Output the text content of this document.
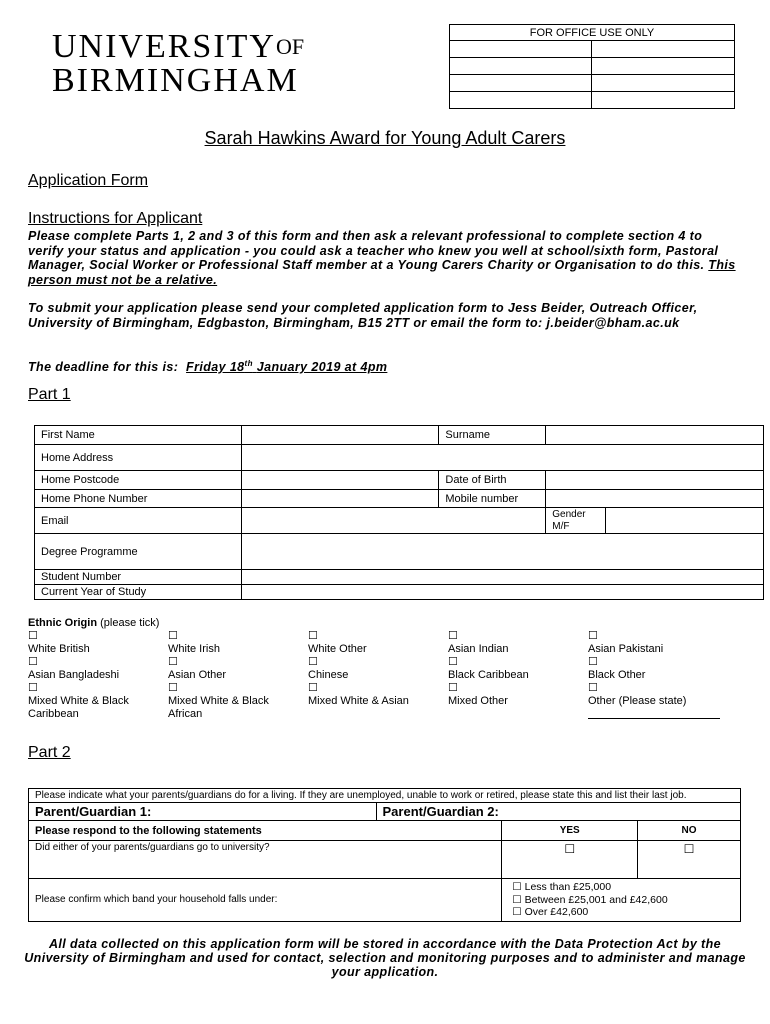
$UNIVERSITY^{OF}$
BIRMINGHAM
FOR OFFICE USE ONLY	

Sarah Hawkins Award for Young Adult Carers
Application Form
Instructions for Applicant
Please complete Parts 1, 2 and 3 of this form and then ask a relevant professional to complete section 4 to verify your status and application - you could ask a teacher who knew you well at school/sixth form, Pastoral Manager, Social Worker or Professional Staff member at a Young Carers Charity or Organisation to do this. This person must not be a relative.
To submit your application please send your completed application form to Jess Beider, Outreach Officer, University of Birmingham, Edgbaston, Birmingham, B15 2TT or email the form to: j.beider@bham.ac.uk
The deadline for this is: Friday 18th January 2019 at 4pm
Part 1
First Name		Surname		
Home Address				
Home Postcode		Date of Birth		
Home Phone Number		Mobile number		
Email			Gender M/F	
Degree Programme				
Student Number				
Current Year of Study				
Ethnic Origin (please tick)
☐
White British
☐
White Irish
☐
White Other
☐
Asian Indian
☐
Asian Pakistani
☐
Asian Bangladeshi
☐
Asian Other
☐
Chinese
☐
Black Caribbean
☐
Black Other
☐
Mixed White & Black Caribbean
☐
Mixed White & Black African
☐
Mixed White & Asian
☐
Mixed Other
☐
Other (Please state)
Part 2
Please indicate what your parents/guardians do for a living. If they are unemployed, unable to work or retired, please state this and list their last job.			
Parent/Guardian 1:	Parent/Guardian 2:		
Please respond to the following statements		YES	NO
Did either of your parents/guardians go to university?		☐	☐
Please confirm which band your household falls under:		☐ Less than £25,000
☐ Between £25,001 and £42,600
☐ Over £42,600	
All data collected on this application form will be stored in accordance with the Data Protection Act by the University of Birmingham and used for contact, selection and monitoring purposes and to administer and manage your application.
